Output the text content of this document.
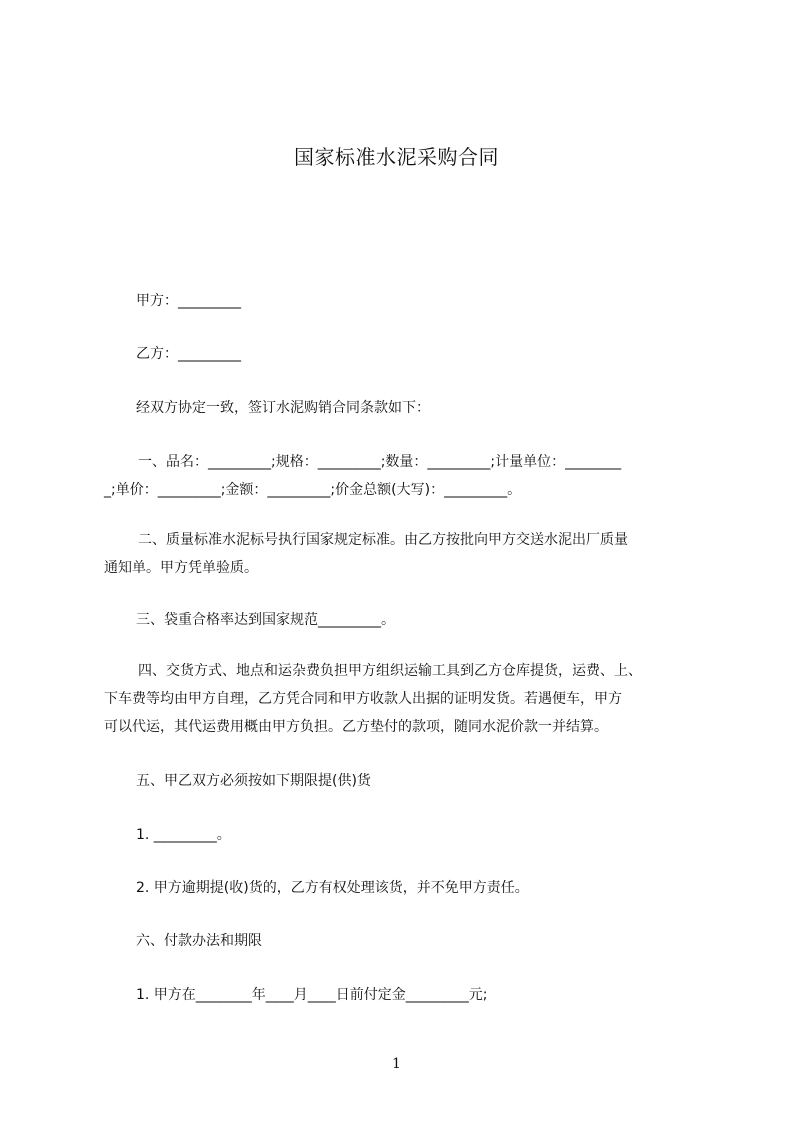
国家标准水泥采购合同
甲方：_________
乙方：_________
经双方协定一致，签订水泥购销合同条款如下：

一、品名：_________;规格：_________;数量：_________;计量单位：________

_;单价：_________;金额：_________;价金总额(大写)：_________。

二、质量标准水泥标号执行国家规定标准。由乙方按批向甲方交送水泥出厂质量

通知单。甲方凭单验质。

三、袋重合格率达到国家规范_________。

四、交货方式、地点和运杂费负担甲方组织运输工具到乙方仓库提货，运费、上、

下车费等均由甲方自理，乙方凭合同和甲方收款人出据的证明发货。若遇便车，甲方

可以代运，其代运费用概由甲方负担。乙方垫付的款项，随同水泥价款一并结算。

五、甲乙双方必须按如下期限提(供)货
1. _________。
2. 甲方逾期提(收)货的，乙方有权处理该货，并不免甲方责任。
六、付款办法和期限
1. 甲方在________年____月____日前付定金_________元;
1
